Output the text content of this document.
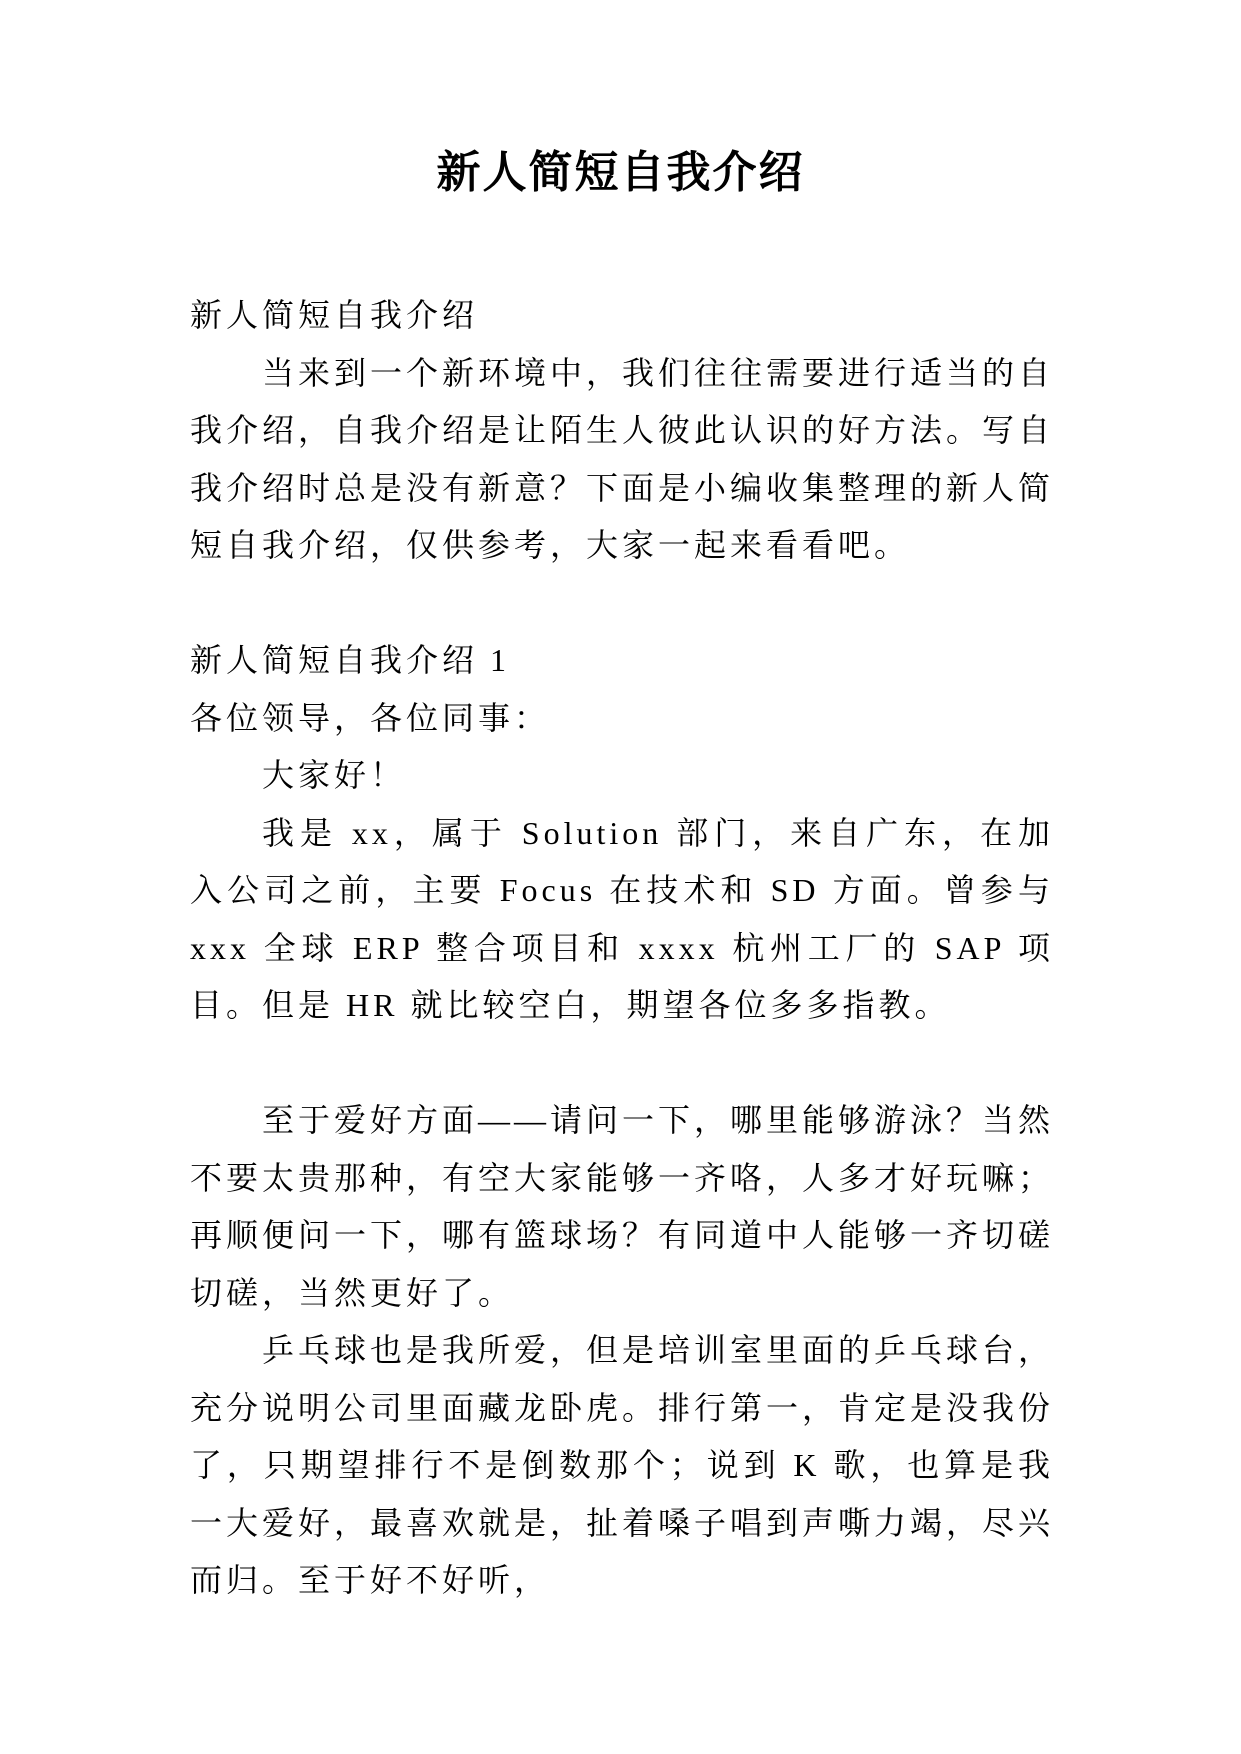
新人简短自我介绍

新人简短自我介绍

当来到一个新环境中，我们往往需要进行适当的自我介绍，自我介绍是让陌生人彼此认识的好方法。写自我介绍时总是没有新意？下面是小编收集整理的新人简短自我介绍，仅供参考，大家一起来看看吧。

新人简短自我介绍 1

各位领导，各位同事：

大家好！

我是 xx，属于 Solution 部门，来自广东，在加入公司之前，主要 Focus 在技术和 SD 方面。曾参与 xxx 全球 ERP 整合项目和 xxxx 杭州工厂的 SAP 项目。但是 HR 就比较空白，期望各位多多指教。

至于爱好方面——请问一下，哪里能够游泳？当然不要太贵那种，有空大家能够一齐咯，人多才好玩嘛；再顺便问一下，哪有篮球场？有同道中人能够一齐切磋切磋，当然更好了。

乒乓球也是我所爱，但是培训室里面的乒乓球台，充分说明公司里面藏龙卧虎。排行第一，肯定是没我份了，只期望排行不是倒数那个；说到 K 歌，也算是我一大爱好，最喜欢就是，扯着嗓子唱到声嘶力竭，尽兴而归。至于好不好听，
